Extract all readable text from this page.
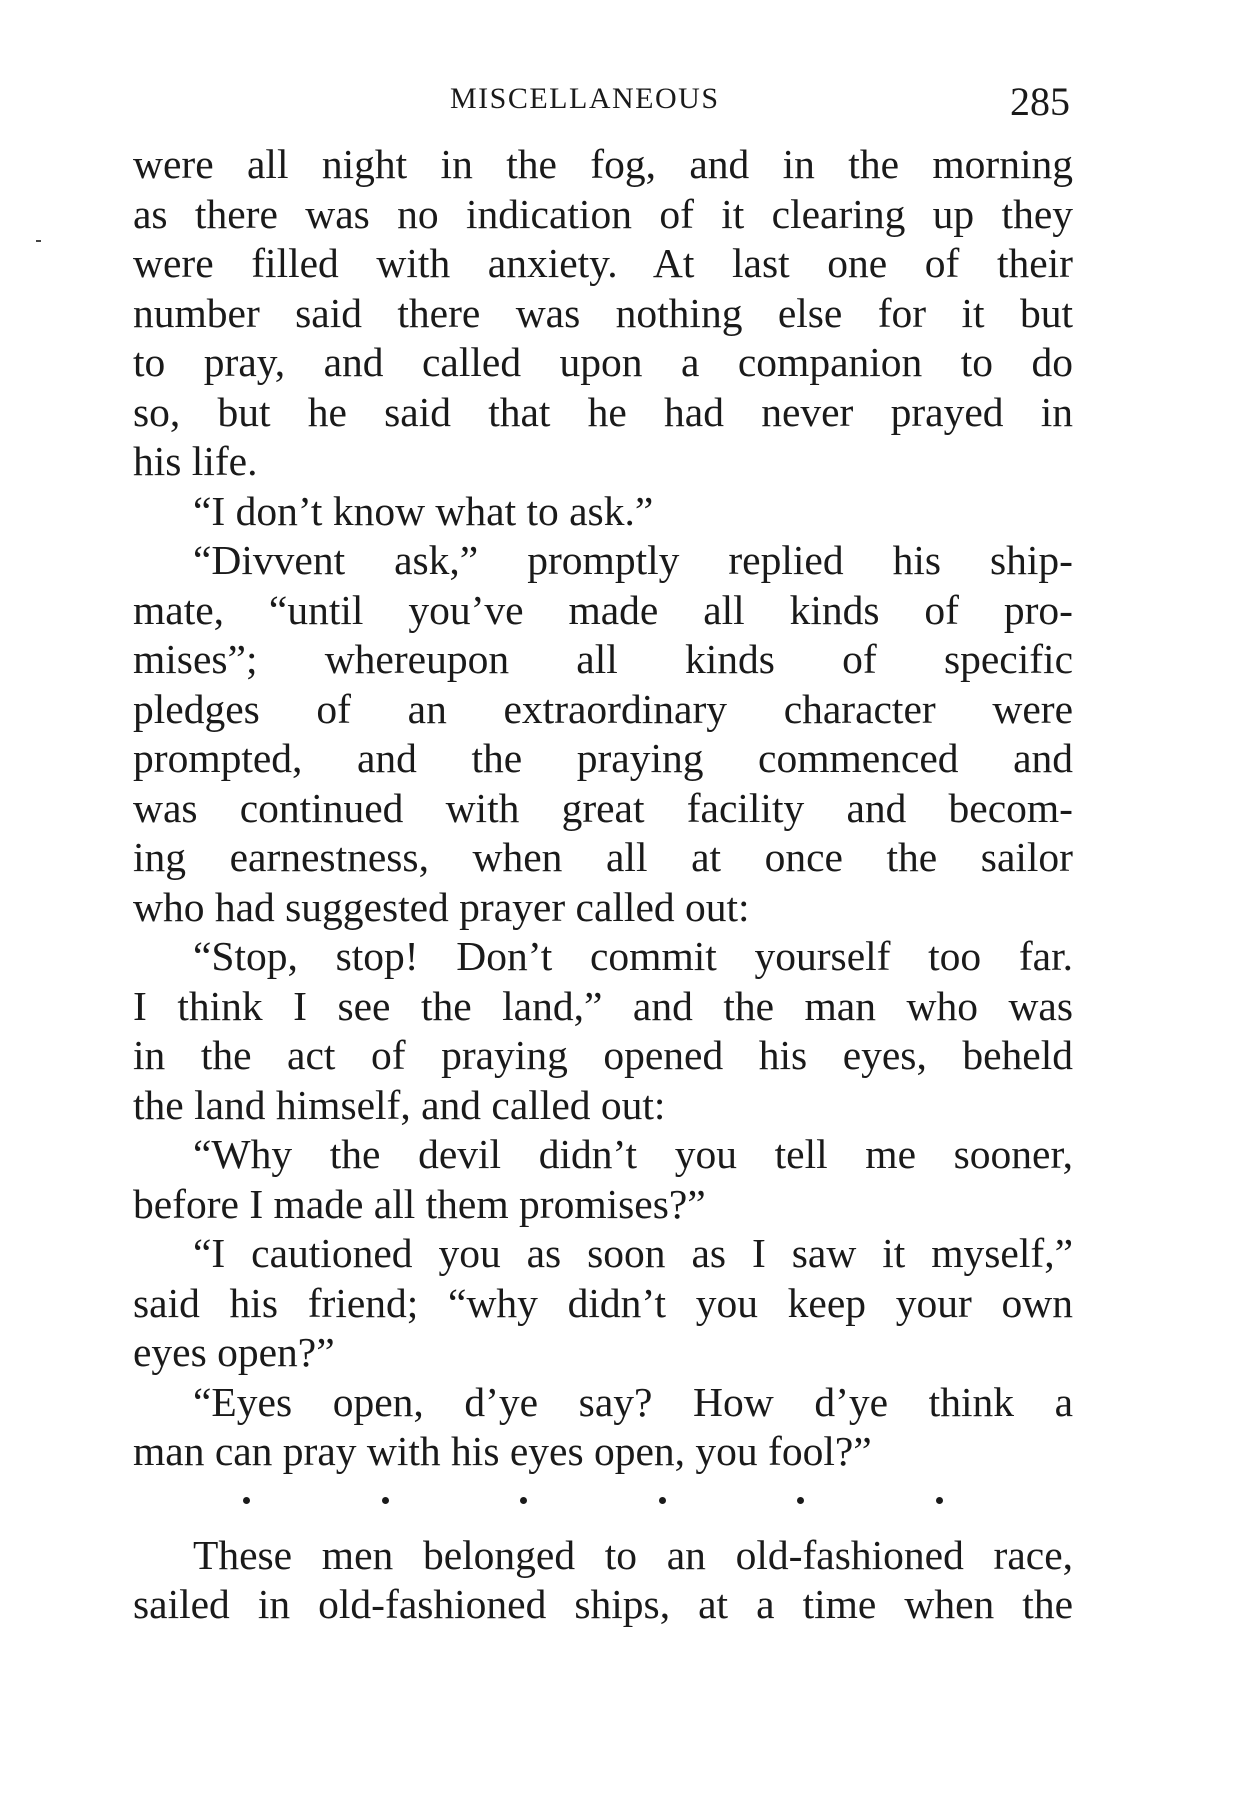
MISCELLANEOUS	285
were all night in the fog, and in the morning
as there was no indication of it clearing up they
were filled with anxiety. At last one of their
number said there was nothing else for it but
to pray, and called upon a companion to do
so, but he said that he had never prayed in
his life.
“I don’t know what to ask.”
“Divvent ask,” promptly replied his ship-
mate, “until you’ve made all kinds of pro-
mises”; whereupon all kinds of specific
pledges of an extraordinary character were
prompted, and the praying commenced and
was continued with great facility and becom-
ing earnestness, when all at once the sailor
who had suggested prayer called out:
“Stop, stop! Don’t commit yourself too far.
I think I see the land,” and the man who was
in the act of praying opened his eyes, beheld
the land himself, and called out:
“Why the devil didn’t you tell me sooner,
before I made all them promises?”
“I cautioned you as soon as I saw it myself,”
said his friend; “why didn’t you keep your own
eyes open?”
“Eyes open, d’ye say? How d’ye think a
man can pray with his eyes open, you fool?”
These men belonged to an old-fashioned race,
sailed in old-fashioned ships, at a time when the
